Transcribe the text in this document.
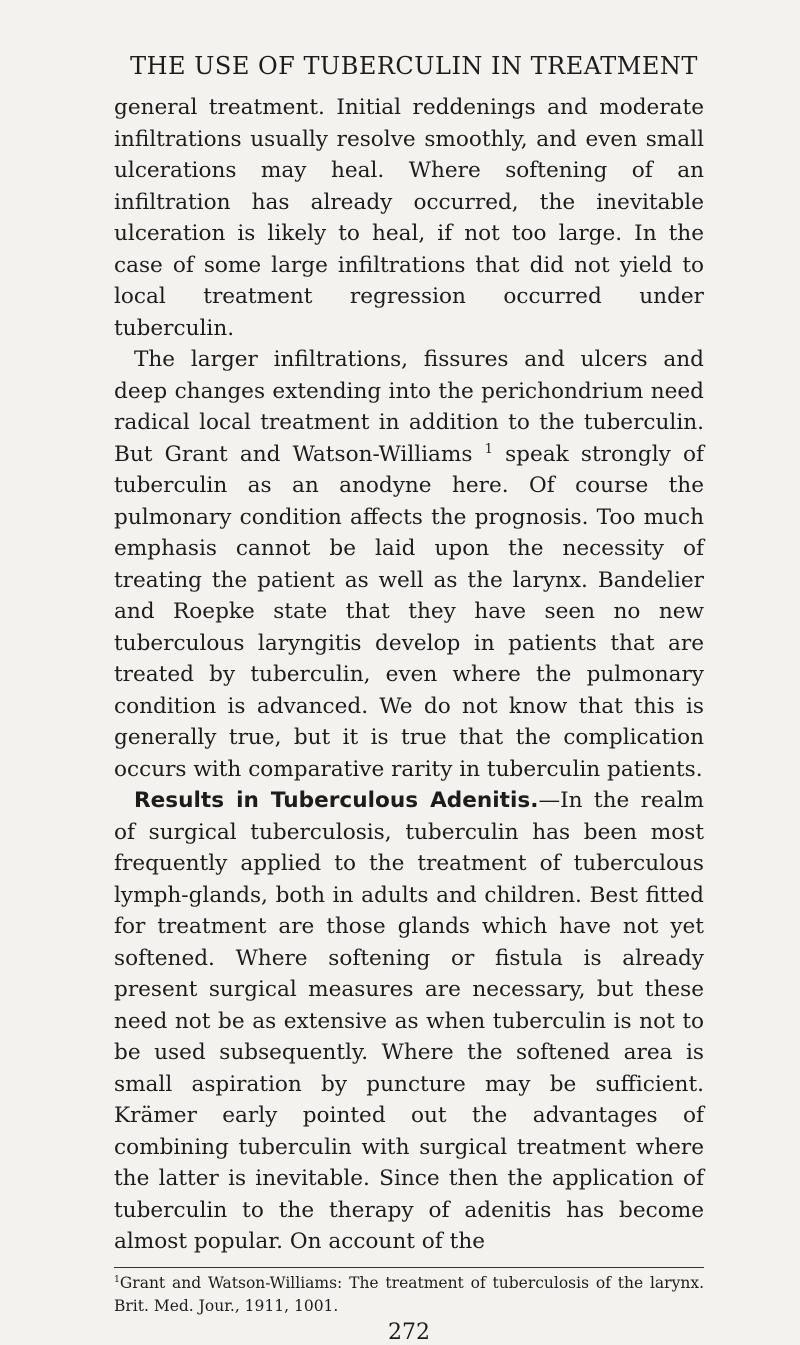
THE USE OF TUBERCULIN IN TREATMENT

general treatment. Initial reddenings and moderate infiltrations usually resolve smoothly, and even small ulcerations may heal. Where softening of an infiltration has already occurred, the inevitable ulceration is likely to heal, if not too large. In the case of some large infiltrations that did not yield to local treatment regression occurred under tuberculin.

The larger infiltrations, fissures and ulcers and deep changes extending into the perichondrium need radical local treatment in addition to the tuberculin. But Grant and Watson-Williams $^1$ speak strongly of tuberculin as an anodyne here. Of course the pulmonary condition affects the prognosis. Too much emphasis cannot be laid upon the necessity of treating the patient as well as the larynx. Bandelier and Roepke state that they have seen no new tuberculous laryngitis develop in patients that are treated by tuberculin, even where the pulmonary condition is advanced. We do not know that this is generally true, but it is true that the complication occurs with comparative rarity in tuberculin patients.

Results in Tuberculous Adenitis.—In the realm of surgical tuberculosis, tuberculin has been most frequently applied to the treatment of tuberculous lymph-glands, both in adults and children. Best fitted for treatment are those glands which have not yet softened. Where softening or fistula is already present surgical measures are necessary, but these need not be as extensive as when tuberculin is not to be used subsequently. Where the softened area is small aspiration by puncture may be sufficient. Krämer early pointed out the advantages of combining tuberculin with surgical treatment where the latter is inevitable. Since then the application of tuberculin to the therapy of adenitis has become almost popular. On account of the

$^1$Grant and Watson-Williams: The treatment of tuberculosis of the larynx. Brit. Med. Jour., 1911, 1001.
272
